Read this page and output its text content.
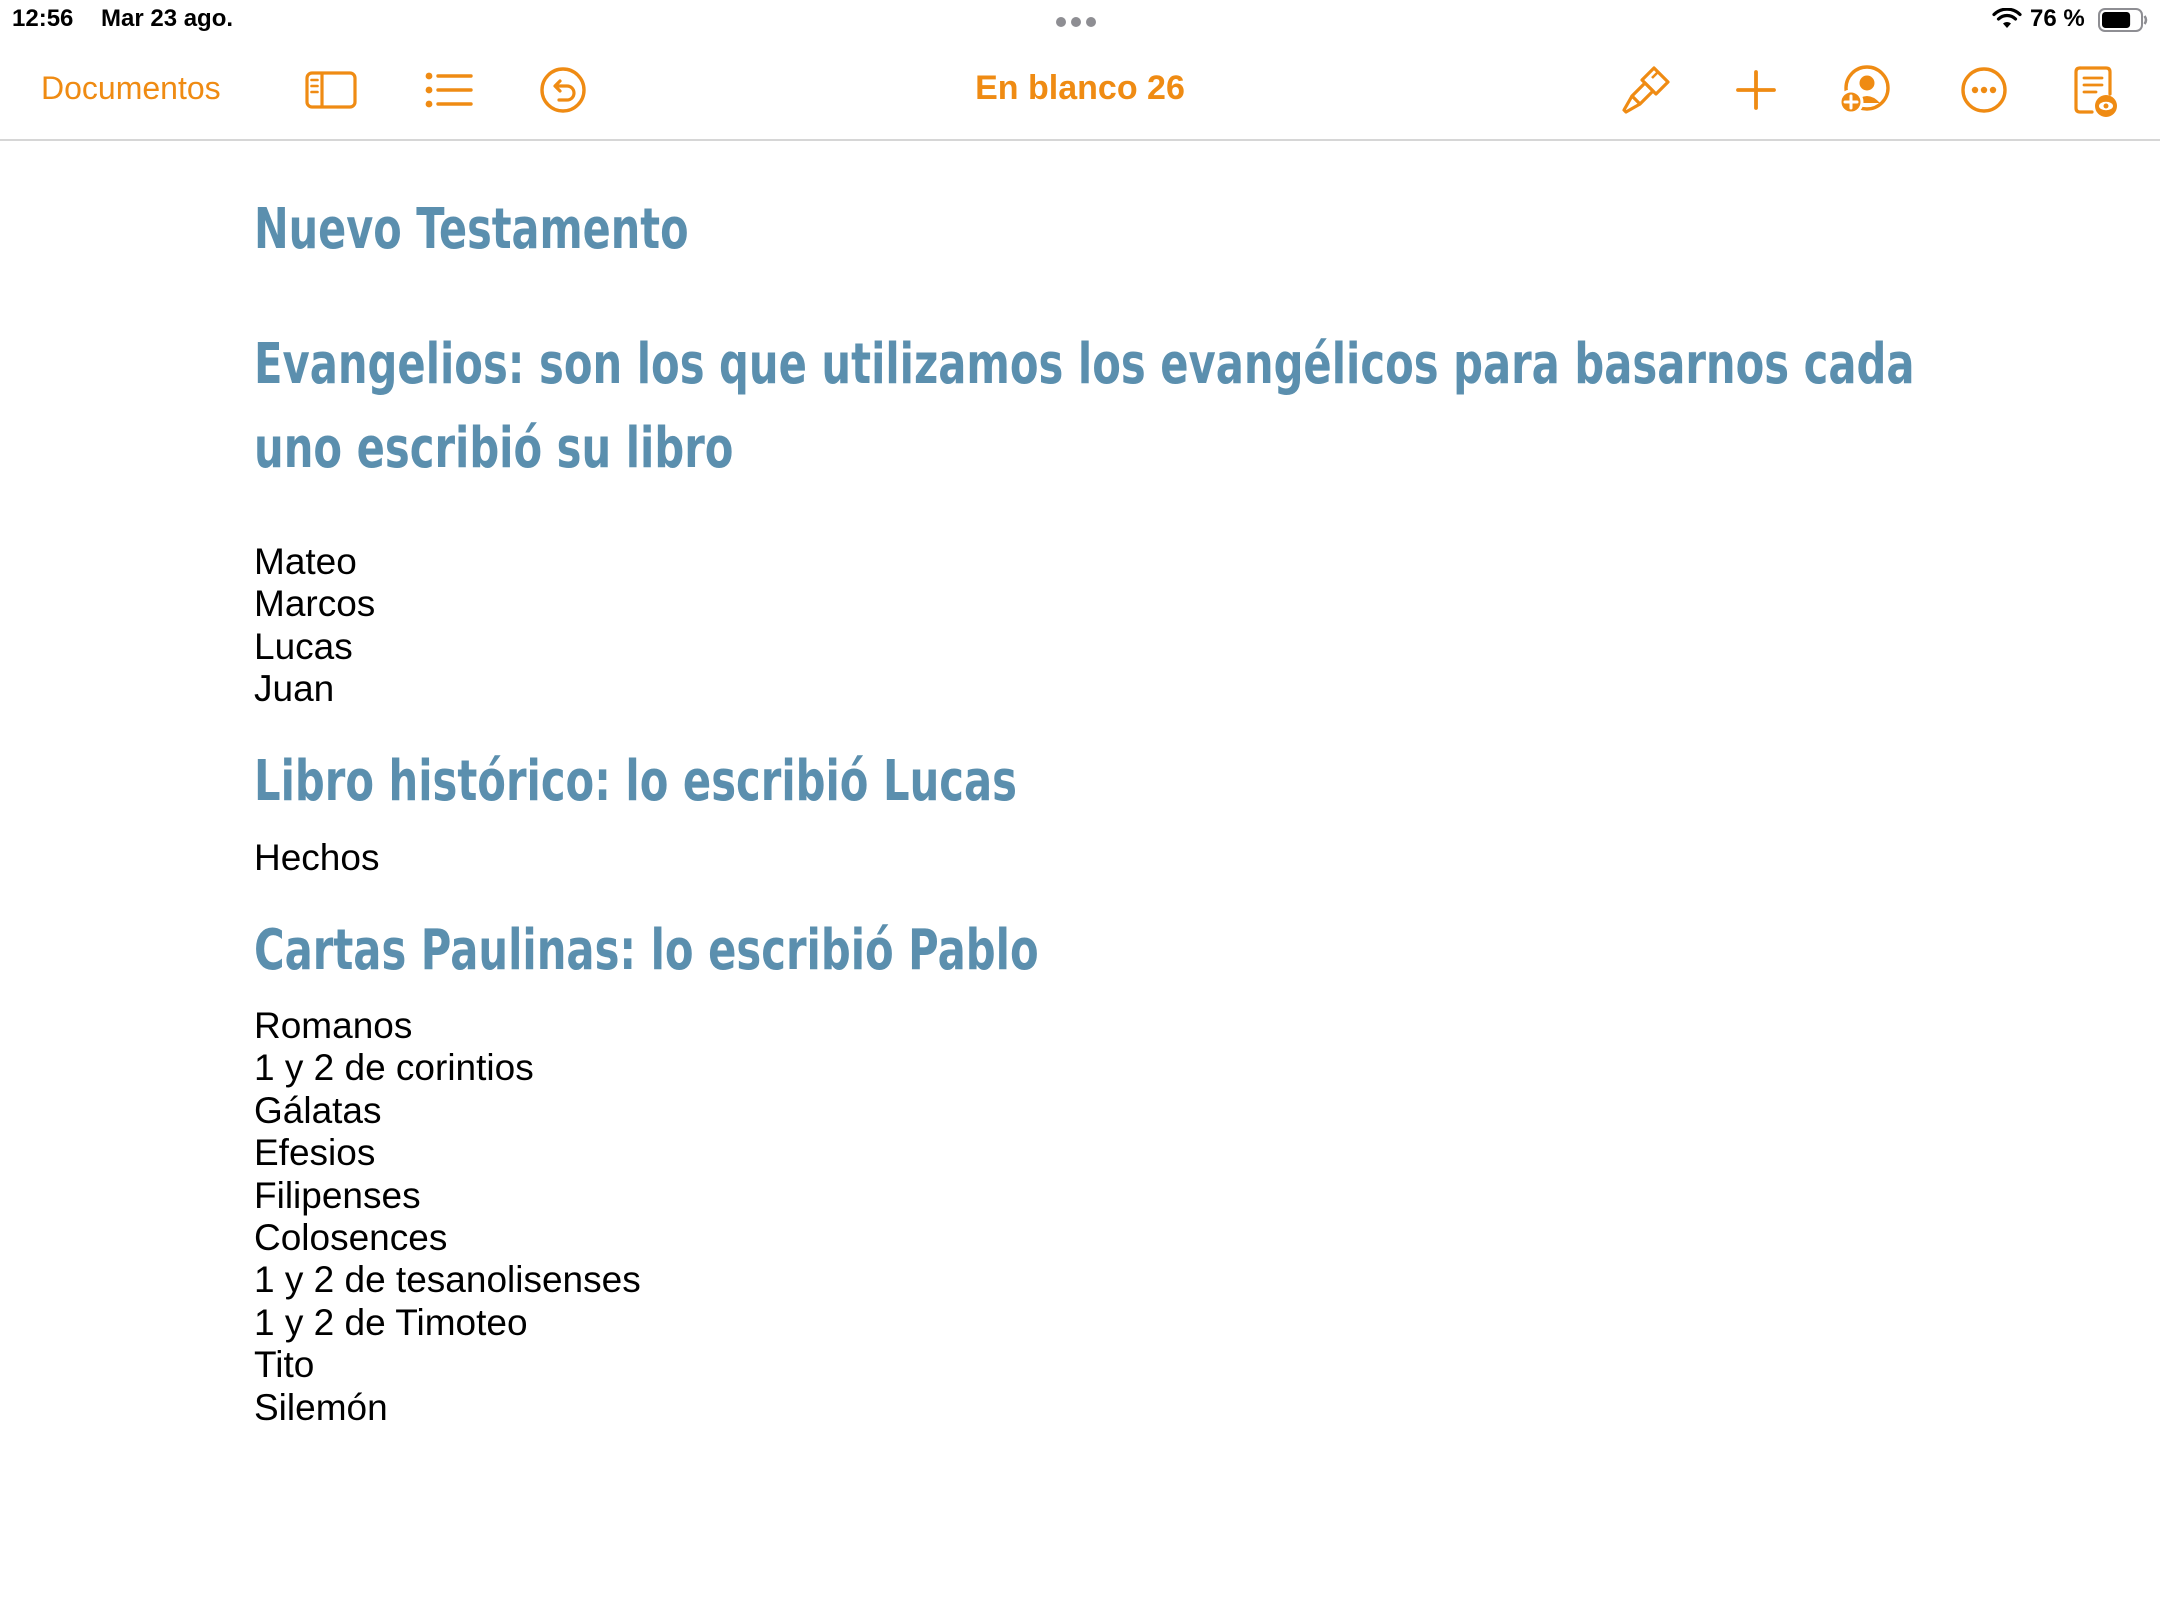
12:56 Mar 23 ago.	76 %
Documentos	En blanco 26
Nuevo Testamento
Evangelios: son los que utilizamos los evangélicos para basarnos cada uno escribió su libro
Mateo
Marcos
Lucas
Juan
Libro histórico: lo escribió Lucas
Hechos
Cartas Paulinas: lo escribió Pablo
Romanos
1 y 2 de corintios
Gálatas
Efesios
Filipenses
Colosences
1 y 2 de tesanolisenses
1 y 2 de Timoteo
Tito
Silemón
